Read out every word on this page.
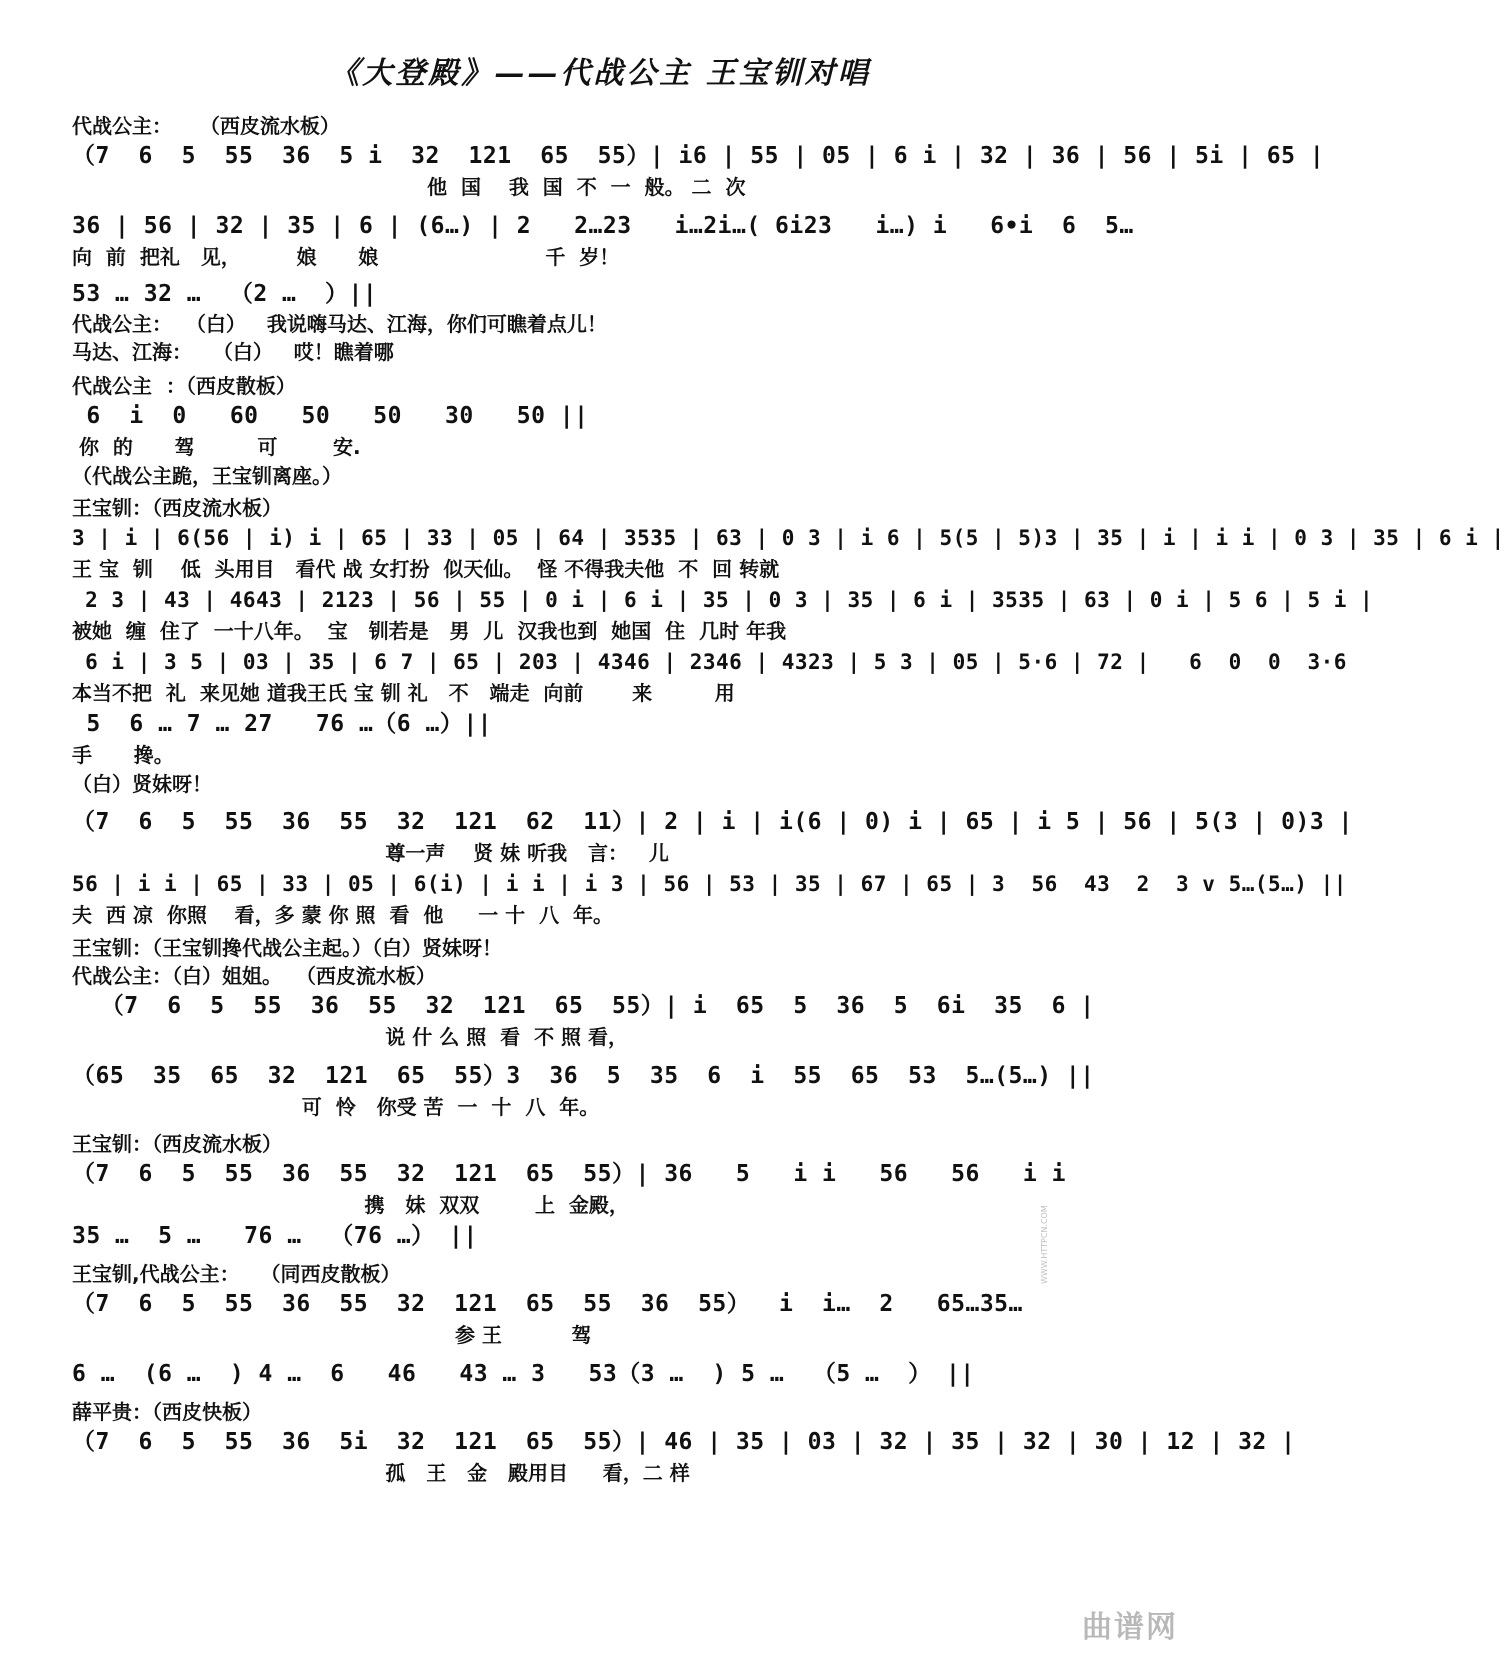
《大登殿》——代战公主 王宝钏对唱
代战公主：    （西皮流水板）
（7  6  5  55  36  5 i  32  121  65  55）| i6 | 55 | 05 | 6 i | 32 | 36 | 56 | 5i | 65 |
他  国    我  国  不  一  般。 二  次
36 | 56 | 32 | 35 | 6 | (6…) | 2   2…23   i…2i…( 6i23   i…) i   6•i  6  5…
向  前  把礼   见，        娘      娘                        千  岁！
53 … 32 …  （2 …  ）||
代战公主：  （白）   我说嗨马达、江海，你们可瞧着点儿！
马达、江海：   （白）   哎！瞧着哪
代战公主  ：（西皮散板）
6  i  0   60   50   50   30   50 ||
你  的      驾         可        安.
（代战公主跪，王宝钏离座。）
王宝钏：（西皮流水板）
3 | i | 6(56 | i) i | 65 | 33 | 05 | 64 | 3535 | 63 | 0 3 | i 6 | 5(5 | 5)3 | 35 | i | i i | 0 3 | 35 | 6 i |
王 宝  钏    低  头用目   看代 战 女打扮  似天仙。  怪 不得我夫他  不  回 转就
2 3 | 43 | 4643 | 2123 | 56 | 55 | 0 i | 6 i | 35 | 0 3 | 35 | 6 i | 3535 | 63 | 0 i | 5 6 | 5 i |
被她  缠  住了  一十八年。  宝   钏若是   男  儿  汉我也到  她国  住  几时 年我
6 i | 3 5 | 03 | 35 | 6 7 | 65 | 203 | 4346 | 2346 | 4323 | 5 3 | 05 | 5·6 | 72 |   6  0  0  3·6
本当不把  礼  来见她 道我王氏 宝 钏 礼   不   端走  向前       来         用
5  6 … 7 … 27   76 …（6 …）||
手      搀。
（白）贤妹呀！
（7  6  5  55  36  55  32  121  62  11）| 2 | i | i(6 | 0) i | 65 | i 5 | 56 | 5(3 | 0)3 |
尊一声    贤 妹 听我   言：   儿
56 | i i | 65 | 33 | 05 | 6(i) | i i | i 3 | 56 | 53 | 35 | 67 | 65 | 3  56  43  2  3 v 5…(5…) ||
夫  西 凉  你照    看，多 蒙 你 照  看  他     一 十  八  年。
王宝钏：（王宝钏搀代战公主起。）（白）贤妹呀！
代战公主：（白）姐姐。  （西皮流水板）
（7  6  5  55  36  55  32  121  65  55）| i  65  5  36  5  6i  35  6 |
说 什 么 照  看  不 照 看，
（65  35  65  32  121  65  55）3  36  5  35  6  i  55  65  53  5…(5…) ||
可  怜   你受 苦  一  十  八  年。
王宝钏：（西皮流水板）
（7  6  5  55  36  55  32  121  65  55）| 36   5   i i   56   56   i i
携   妹  双双        上  金殿，
35 …  5 …   76 …  （76 …） ||
王宝钏,代战公主：   （同西皮散板）
（7  6  5  55  36  55  32  121  65  55  36  55）  i  i…  2   65…35…
参 王          驾
6 …  (6 …  ) 4 …  6   46   43 … 3   53（3 …  ) 5 …  （5 …  ） ||
薛平贵：（西皮快板）
（7  6  5  55  36  5i  32  121  65  55）| 46 | 35 | 03 | 32 | 35 | 32 | 30 | 12 | 32 |
孤   王   金   殿用目     看，二 样
曲谱网
WWW.HTTPCN.COM
